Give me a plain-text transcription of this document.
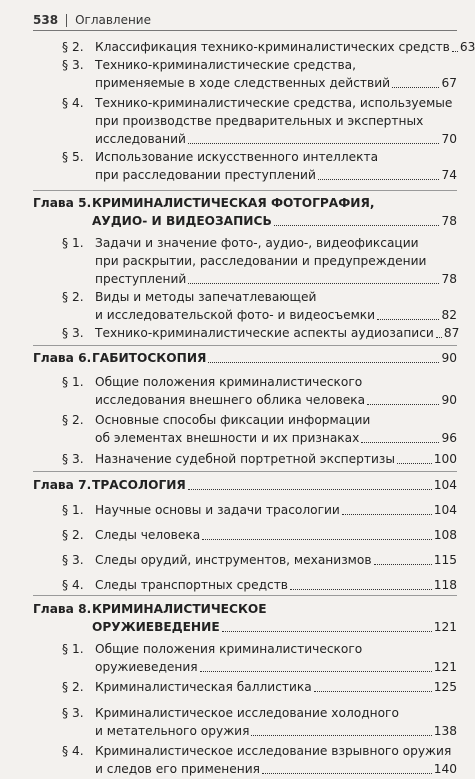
538 Оглавление
§ 2. Классификация технико-криминалистических средств 63
§ 3. Технико-криминалистические средства,
применяемые в ходе следственных действий	67
§ 4. Технико-криминалистические средства, используемые
при производстве предварительных и экспертных
исследований	70
§ 5. Использование искусственного интеллекта
при расследовании преступлений	74
Глава 5. КРИМИНАЛИСТИЧЕСКАЯ ФОТОГРАФИЯ,
АУДИО- И ВИДЕОЗАПИСЬ	78
§ 1. Задачи и значение фото-, аудио-, видеофиксации
при раскрытии, расследовании и предупреждении
преступлений	78
§ 2. Виды и методы запечатлевающей
и исследовательской фото- и видеосъемки	82
§ 3. Технико-криминалистические аспекты аудиозаписи 87
Глава 6. ГАБИТОСКОПИЯ	90
§ 1. Общие положения криминалистического
исследования внешнего облика человека	90
§ 2. Основные способы фиксации информации
об элементах внешности и их признаках	96
§ 3. Назначение судебной портретной экспертизы	100
Глава 7. ТРАСОЛОГИЯ	104
§ 1. Научные основы и задачи трасологии	104
§ 2. Следы человека	108
§ 3. Следы орудий, инструментов, механизмов	115
§ 4. Следы транспортных средств	118
Глава 8. КРИМИНАЛИСТИЧЕСКОЕ
ОРУЖИЕВЕДЕНИЕ	121
§ 1. Общие положения криминалистического
оружиеведения	121
§ 2. Криминалистическая баллистика	125
§ 3. Криминалистическое исследование холодного
и метательного оружия	138
§ 4. Криминалистическое исследование взрывного оружия
и следов его применения	140
